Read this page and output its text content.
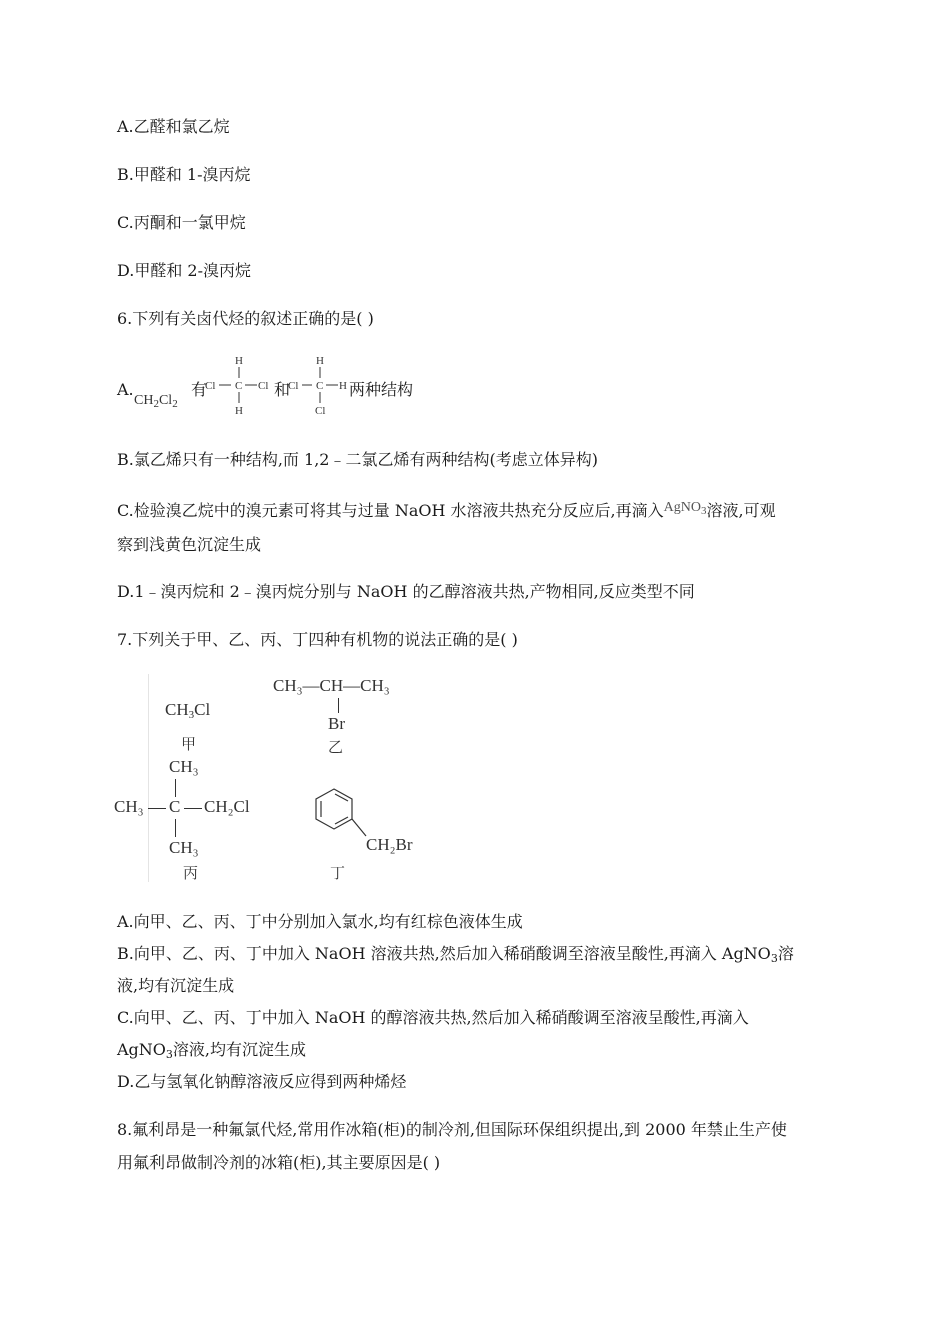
A.乙醛和氯乙烷
B.甲醛和 1-溴丙烷
C.丙酮和一氯甲烷
D.甲醛和 2-溴丙烷
6.下列有关卤代烃的叙述正确的是( )
A.
$CH_2Cl_2$
有
H
Cl C Cl
H
和
H
Cl C H
Cl
两种结构
B.氯乙烯只有一种结构,而 1,2﹣二氯乙烯有两种结构(考虑立体异构)
C.检验溴乙烷中的溴元素可将其与过量 NaOH 水溶液共热充分反应后,再滴入AgNO$_3$溶液,可观
察到浅黄色沉淀生成
D.1﹣溴丙烷和 2﹣溴丙烷分别与 NaOH 的乙醇溶液共热,产物相同,反应类型不同
7.下列关于甲、乙、丙、丁四种有机物的说法正确的是( )
$CH_3Cl$
甲
CH₃—CH—CH₃
Br
乙
CH₃
CH₃ C CH₂Cl
CH₃
丙
CH₂Br
丁
A.向甲、乙、丙、丁中分别加入氯水,均有红棕色液体生成
B.向甲、乙、丙、丁中加入 NaOH 溶液共热,然后加入稀硝酸调至溶液呈酸性,再滴入 AgNO$_3$溶
液,均有沉淀生成
C.向甲、乙、丙、丁中加入 NaOH 的醇溶液共热,然后加入稀硝酸调至溶液呈酸性,再滴入
AgNO$_3$溶液,均有沉淀生成
D.乙与氢氧化钠醇溶液反应得到两种烯烃
8.氟利昂是一种氟氯代烃,常用作冰箱(柜)的制冷剂,但国际环保组织提出,到 2000 年禁止生产使
用氟利昂做制冷剂的冰箱(柜),其主要原因是( )
